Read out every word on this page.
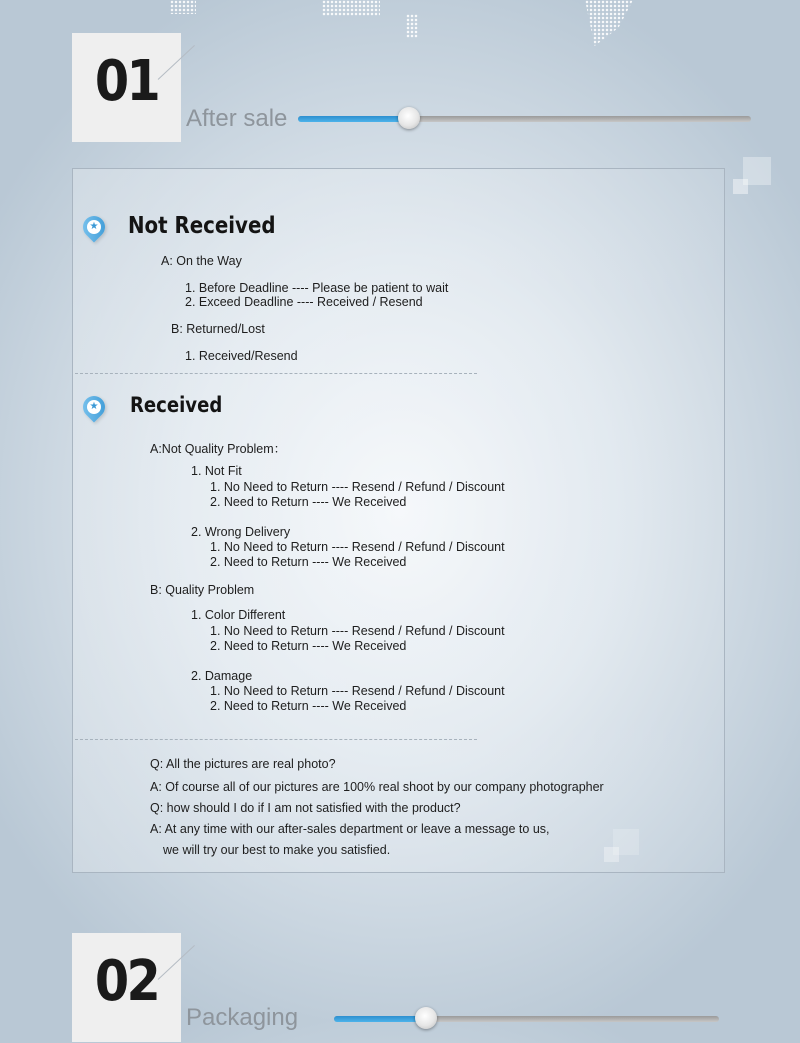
01
After sale
★ Not Received
A: On the Way
1. Before Deadline ---- Please be patient to wait
2. Exceed Deadline ---- Received / Resend
B: Returned/Lost
1. Received/Resend
★ Received
A:Not Quality Problem：
1. Not Fit
1. No Need to Return ---- Resend / Refund / Discount
2. Need to Return ---- We Received
2. Wrong Delivery
1. No Need to Return ---- Resend / Refund / Discount
2. Need to Return ---- We Received
B: Quality Problem
1. Color Different
1. No Need to Return ---- Resend / Refund / Discount
2. Need to Return ---- We Received
2. Damage
1. No Need to Return ---- Resend / Refund / Discount
2. Need to Return ---- We Received
Q: All the pictures are real photo?
A: Of course all of our pictures are 100% real shoot by our company photographer
Q: how should I do if I am not satisfied with the product?
A: At any time with our after-sales department or leave a message to us,
we will try our best to make you satisfied.
02
Packaging
